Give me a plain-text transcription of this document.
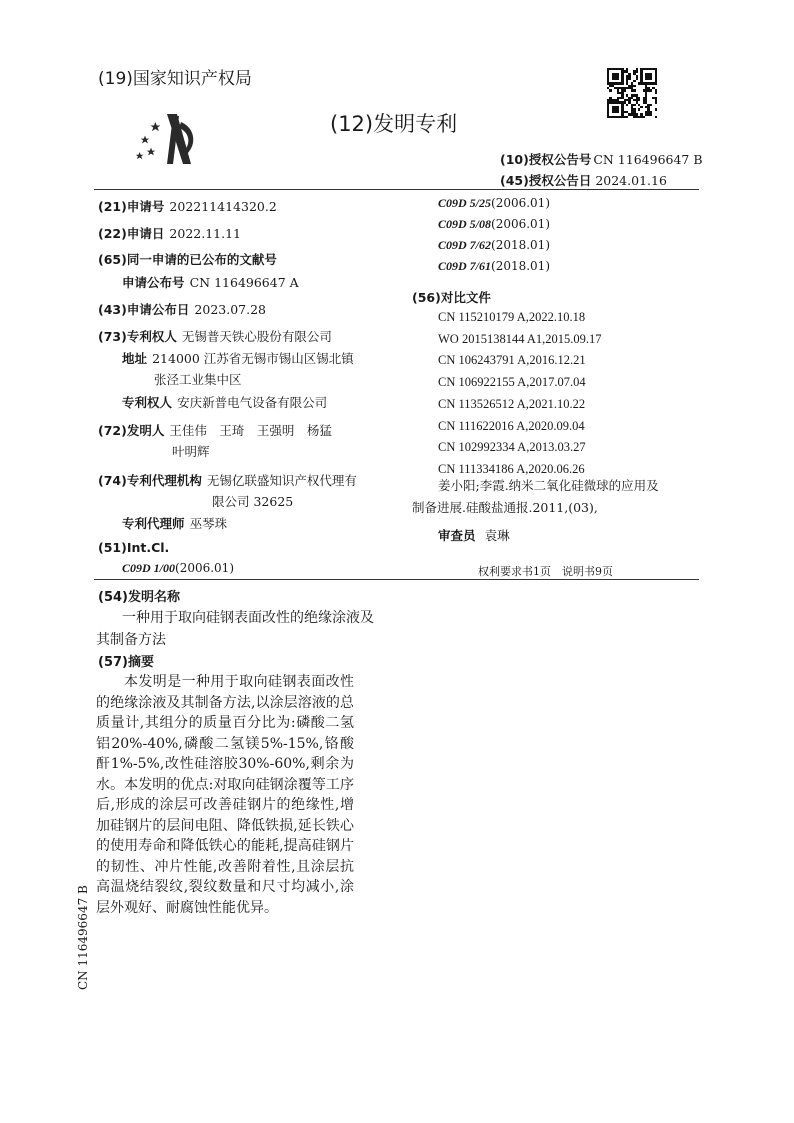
(19)国家知识产权局
(12)发明专利
(10)授权公告号 CN 116496647 B
(45)授权公告日 2024.01.16
(21)申请号 202211414320.2
(22)申请日 2022.11.11
(65)同一申请的已公布的文献号
申请公布号 CN 116496647 A
(43)申请公布日 2023.07.28
(73)专利权人 无锡普天铁心股份有限公司
地址 214000 江苏省无锡市锡山区锡北镇
张泾工业集中区
专利权人 安庆新普电气设备有限公司
(72)发明人 王佳伟　王琦　王强明　杨猛
叶明辉
(74)专利代理机构 无锡亿联盛知识产权代理有
限公司 32625
专利代理师 巫琴珠
(51)Int.Cl.
C09D 1/00(2006.01)
C09D 5/25(2006.01)
C09D 5/08(2006.01)
C09D 7/62(2018.01)
C09D 7/61(2018.01)
(56)对比文件
CN 115210179 A,2022.10.18
WO 2015138144 A1,2015.09.17
CN 106243791 A,2016.12.21
CN 106922155 A,2017.07.04
CN 113526512 A,2021.10.22
CN 111622016 A,2020.09.04
CN 102992334 A,2013.03.27
CN 111334186 A,2020.06.26
姜小阳;李霞.纳米二氧化硅微球的应用及
制备进展.硅酸盐通报.2011,(03),
审查员 袁琳
权利要求书1页　说明书9页
(54)发明名称
一种用于取向硅钢表面改性的绝缘涂液及
其制备方法
(57)摘要
本发明是一种用于取向硅钢表面改性的绝缘涂液及其制备方法,以涂层溶液的总质量计,其组分的质量百分比为:磷酸二氢铝20%-40%,磷酸二氢镁5%-15%,铬酸酐1%-5%,改性硅溶胶30%-60%,剩余为水。本发明的优点:对取向硅钢涂覆等工序后,形成的涂层可改善硅钢片的绝缘性,增加硅钢片的层间电阻、降低铁损,延长铁心的使用寿命和降低铁心的能耗,提高硅钢片的韧性、冲片性能,改善附着性,且涂层抗高温烧结裂纹,裂纹数量和尺寸均减小,涂层外观好、耐腐蚀性能优异。
CN 116496647 B
